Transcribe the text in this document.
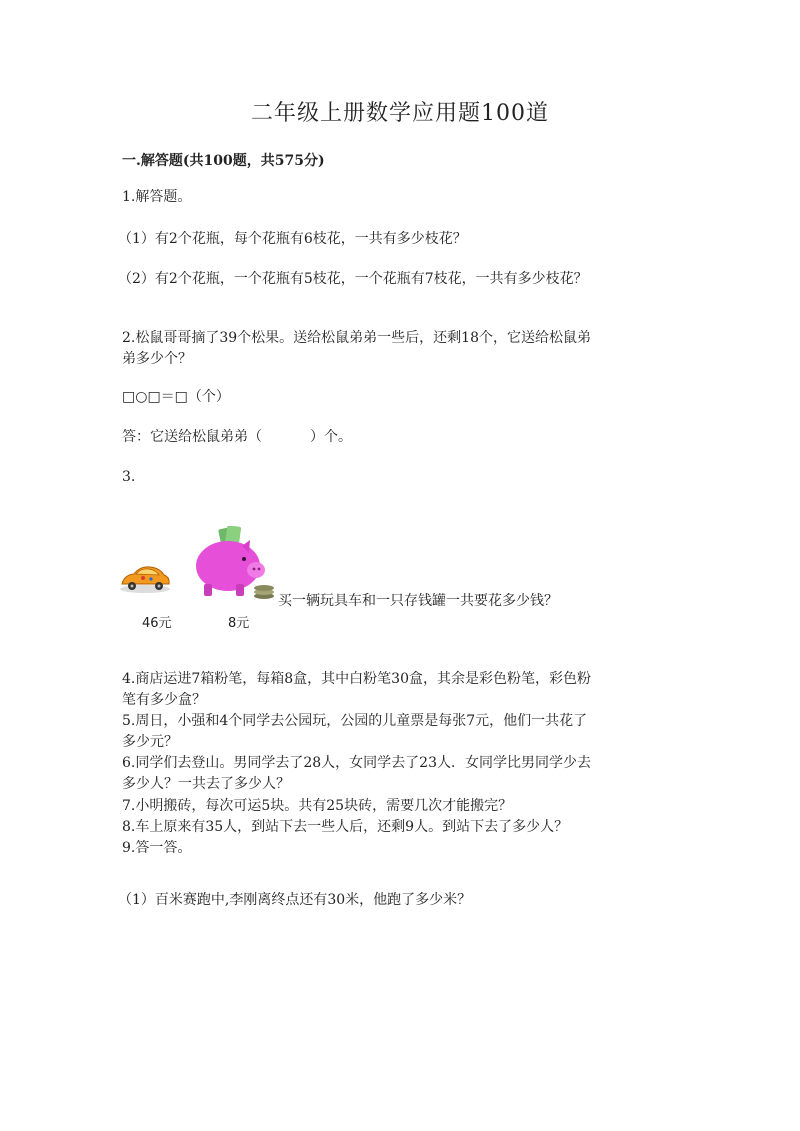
二年级上册数学应用题100道
一.解答题(共100题，共575分)
1.解答题。
（1）有2个花瓶，每个花瓶有6枝花，一共有多少枝花？
（2）有2个花瓶，一个花瓶有5枝花，一个花瓶有7枝花，一共有多少枝花？
2.松鼠哥哥摘了39个松果。送给松鼠弟弟一些后，还剩18个，它送给松鼠弟
弟多少个？
□○□＝□（个）
答：它送给松鼠弟弟（	）个。
3.
46元	8元
买一辆玩具车和一只存钱罐一共要花多少钱？
4.商店运进7箱粉笔，每箱8盒，其中白粉笔30盒，其余是彩色粉笔，彩色粉
笔有多少盒？
5.周日，小强和4个同学去公园玩，公园的儿童票是每张7元，他们一共花了
多少元？
6.同学们去登山。男同学去了28人，女同学去了23人．女同学比男同学少去
多少人？一共去了多少人？
7.小明搬砖，每次可运5块。共有25块砖，需要几次才能搬完？
8.车上原来有35人，到站下去一些人后，还剩9人。到站下去了多少人？
9.答一答。
（1）百米赛跑中,李刚离终点还有30米，他跑了多少米？
